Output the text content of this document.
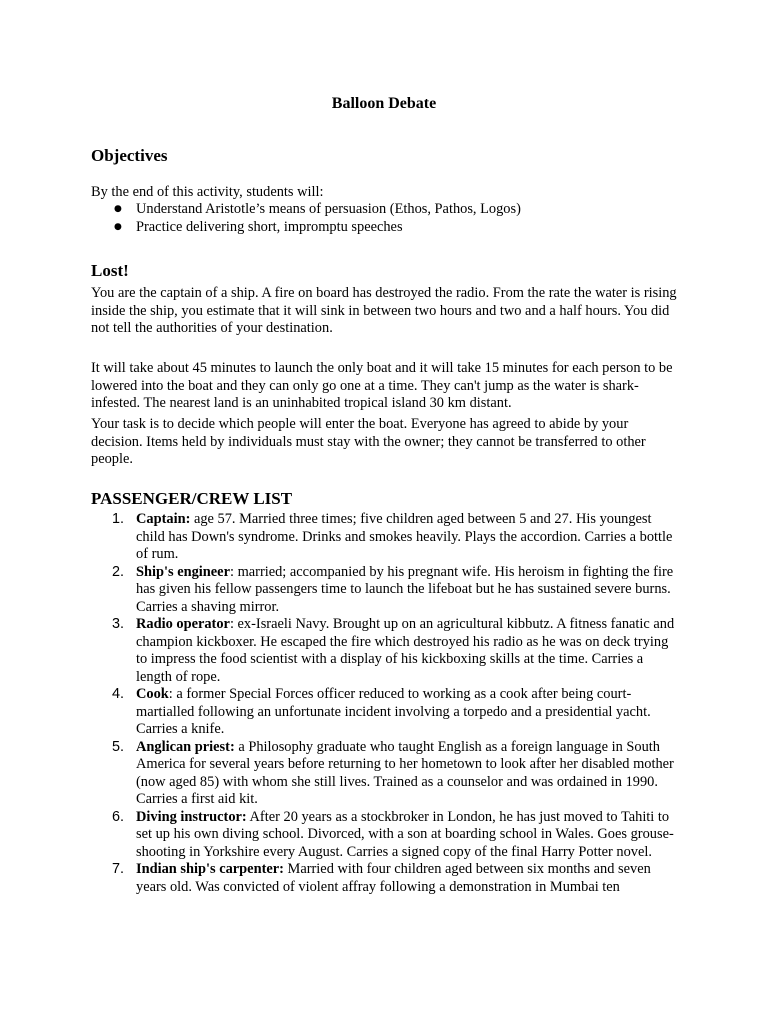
Balloon Debate
Objectives

By the end of this activity, students will:

● Understand Aristotle’s means of persuasion (Ethos, Pathos, Logos)
● Practice delivering short, impromptu speeches
Lost!

You are the captain of a ship. A fire on board has destroyed the radio. From the rate the water is rising inside the ship, you estimate that it will sink in between two hours and two and a half hours. You did not tell the authorities of your destination.

It will take about 45 minutes to launch the only boat and it will take 15 minutes for each person to be lowered into the boat and they can only go one at a time. They can't jump as the water is shark-infested. The nearest land is an uninhabited tropical island 30 km distant.

Your task is to decide which people will enter the boat. Everyone has agreed to abide by your decision. Items held by individuals must stay with the owner; they cannot be transferred to other people.

PASSENGER/CREW LIST
1. Captain: age 57. Married three times; five children aged between 5 and 27. His youngest child has Down's syndrome. Drinks and smokes heavily. Plays the accordion. Carries a bottle of rum.
2. Ship's engineer: married; accompanied by his pregnant wife. His heroism in fighting the fire has given his fellow passengers time to launch the lifeboat but he has sustained severe burns. Carries a shaving mirror.
3. Radio operator: ex-Israeli Navy. Brought up on an agricultural kibbutz. A fitness fanatic and champion kickboxer. He escaped the fire which destroyed his radio as he was on deck trying to impress the food scientist with a display of his kickboxing skills at the time. Carries a length of rope.
4. Cook: a former Special Forces officer reduced to working as a cook after being court-martialled following an unfortunate incident involving a torpedo and a presidential yacht. Carries a knife.
5. Anglican priest: a Philosophy graduate who taught English as a foreign language in South America for several years before returning to her hometown to look after her disabled mother (now aged 85) with whom she still lives. Trained as a counselor and was ordained in 1990. Carries a first aid kit.
6. Diving instructor: After 20 years as a stockbroker in London, he has just moved to Tahiti to set up his own diving school. Divorced, with a son at boarding school in Wales. Goes grouse-shooting in Yorkshire every August. Carries a signed copy of the final Harry Potter novel.
7. Indian ship's carpenter: Married with four children aged between six months and seven years old. Was convicted of violent affray following a demonstration in Mumbai ten
